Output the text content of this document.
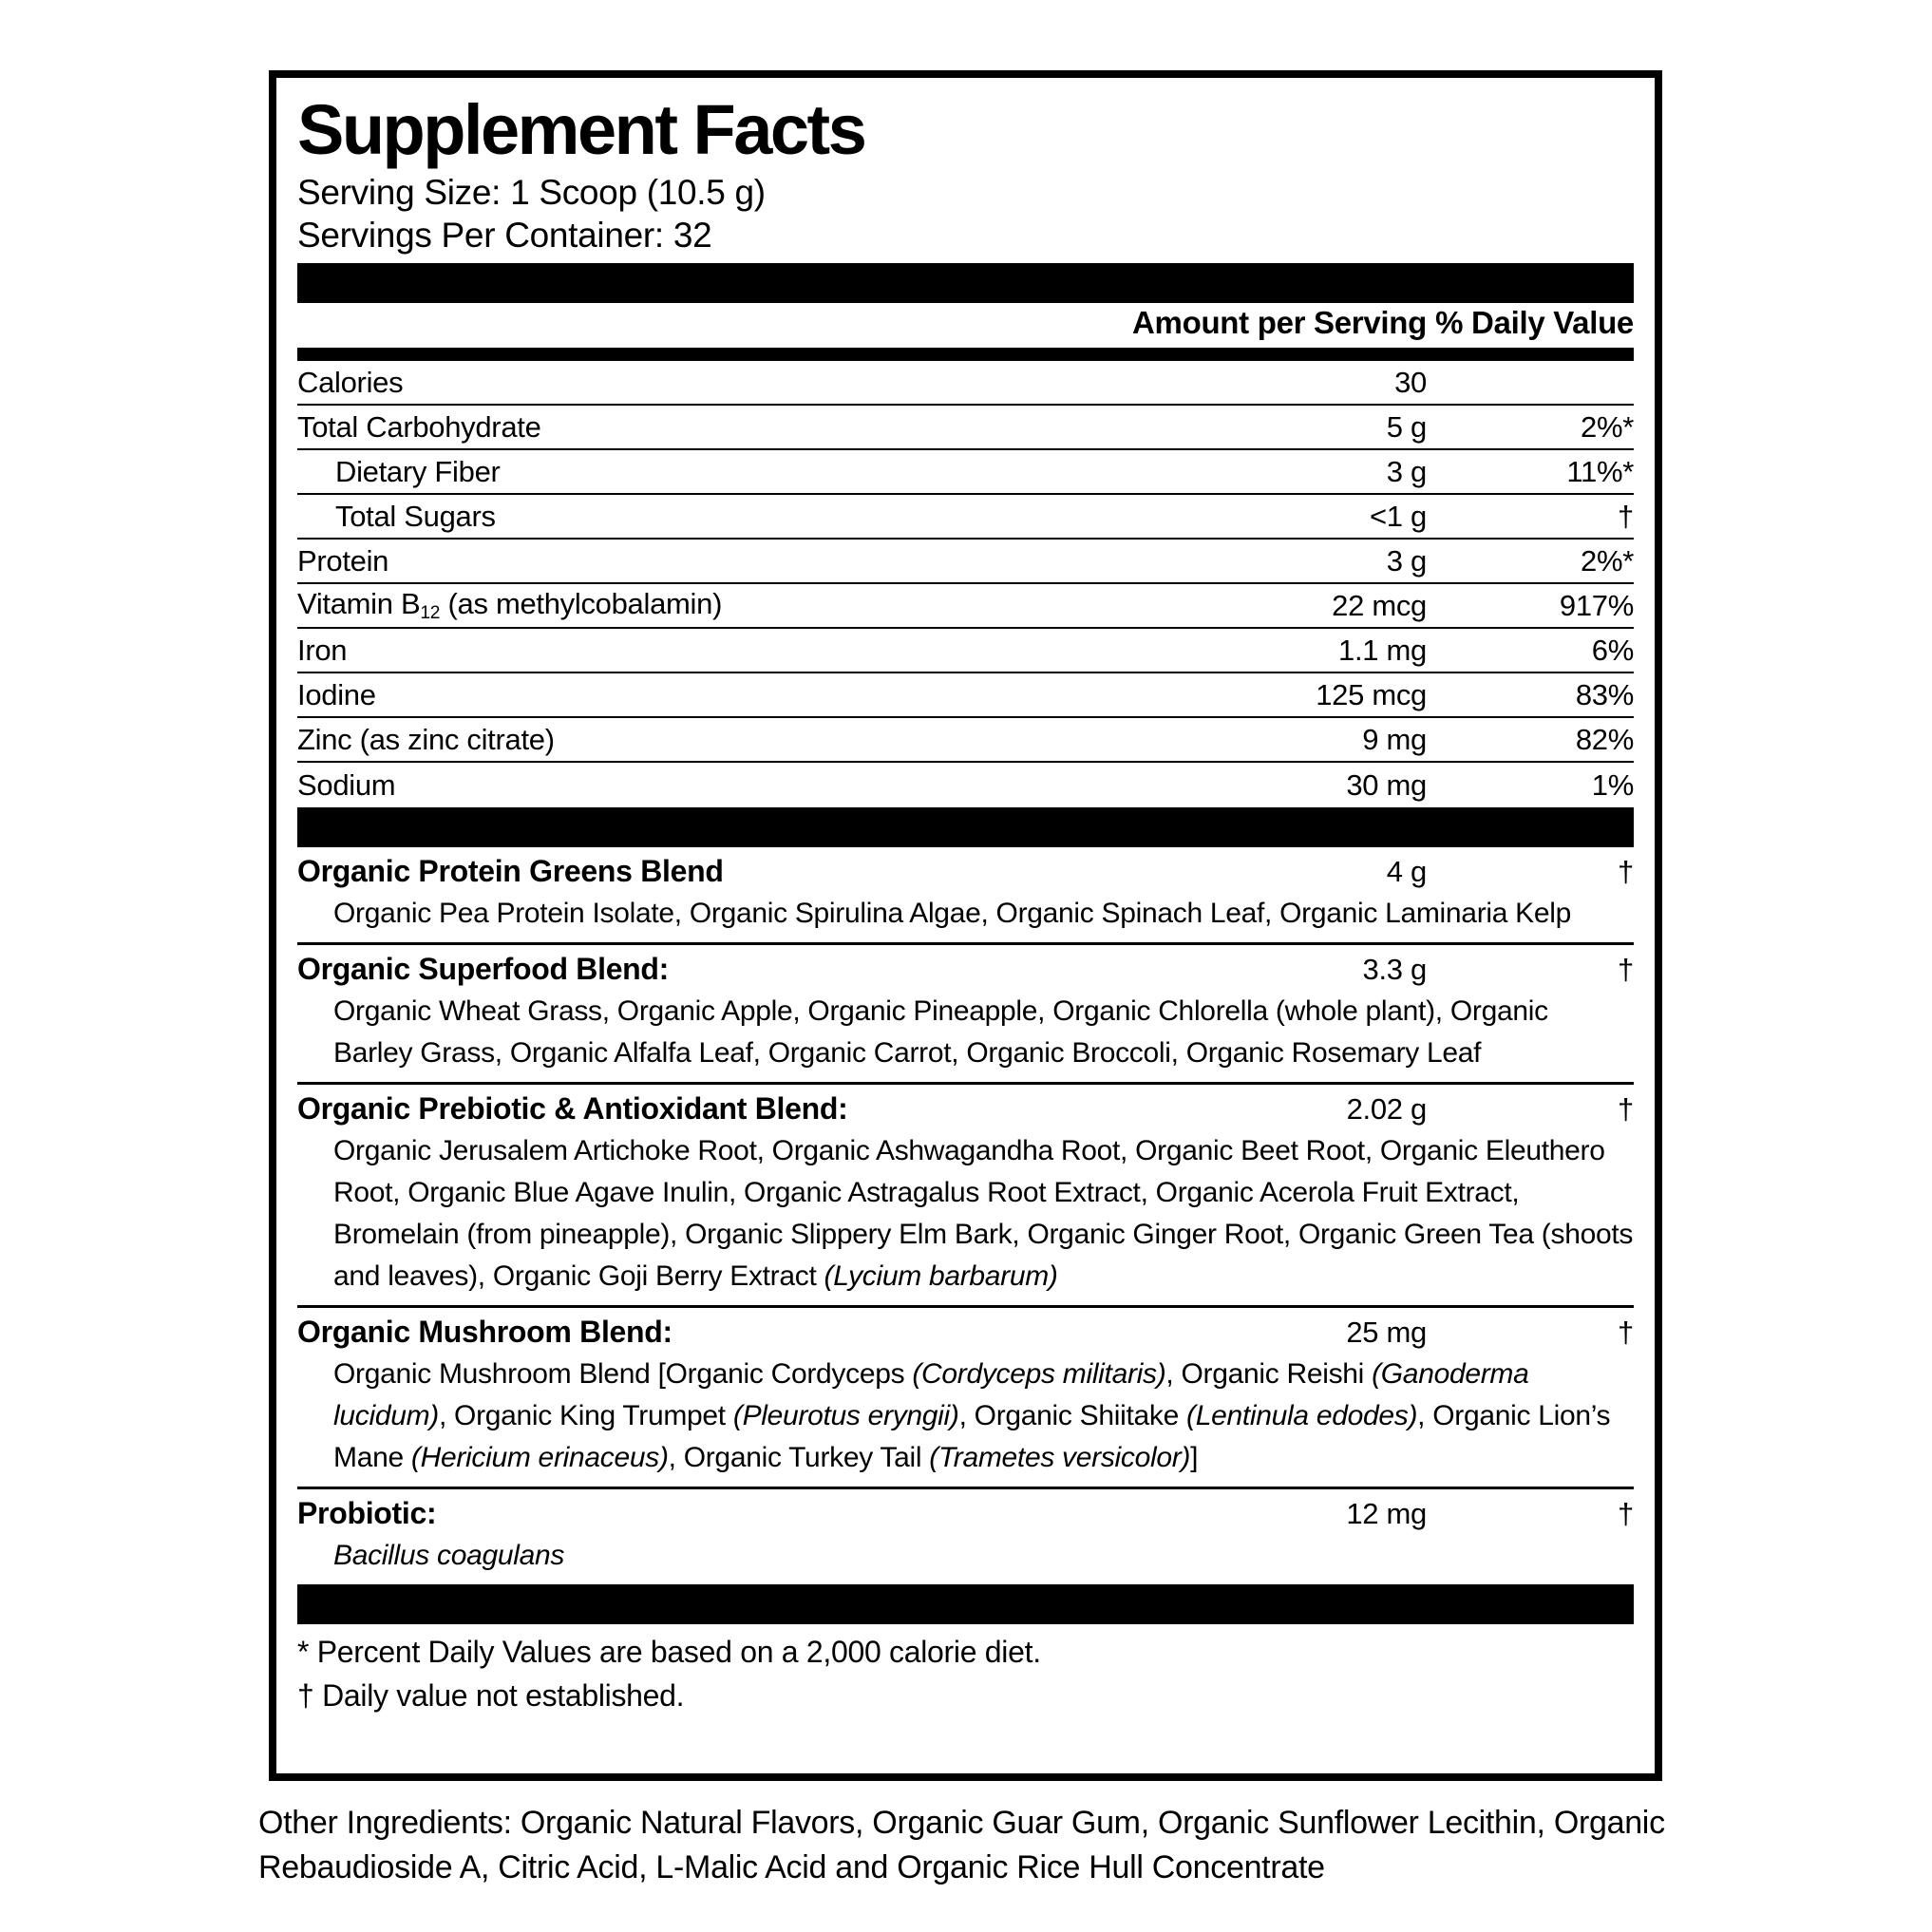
Supplement Facts
Serving Size: 1 Scoop (10.5 g)
Servings Per Container: 32
Amount per Serving % Daily Value
Calories	30
Total Carbohydrate	5 g	2%*
Dietary Fiber	3 g	11%*
Total Sugars	<1 g	†
Protein	3 g	2%*
Vitamin $B_{12}$ (as methylcobalamin)	22 mcg	917%
Iron	1.1 mg	6%
Iodine	125 mcg	83%
Zinc (as zinc citrate)	9 mg	82%
Sodium	30 mg	1%
Organic Protein Greens Blend	4 g	†
Organic Pea Protein Isolate, Organic Spirulina Algae, Organic Spinach Leaf, Organic Laminaria Kelp
Organic Superfood Blend:	3.3 g	†
Organic Wheat Grass, Organic Apple, Organic Pineapple, Organic Chlorella (whole plant), Organic Barley Grass, Organic Alfalfa Leaf, Organic Carrot, Organic Broccoli, Organic Rosemary Leaf
Organic Prebiotic & Antioxidant Blend:	2.02 g	†
Organic Jerusalem Artichoke Root, Organic Ashwagandha Root, Organic Beet Root, Organic Eleuthero Root, Organic Blue Agave Inulin, Organic Astragalus Root Extract, Organic Acerola Fruit Extract, Bromelain (from pineapple), Organic Slippery Elm Bark, Organic Ginger Root, Organic Green Tea (shoots and leaves), Organic Goji Berry Extract (Lycium barbarum)
Organic Mushroom Blend:	25 mg	†
Organic Mushroom Blend [Organic Cordyceps (Cordyceps militaris), Organic Reishi (Ganoderma lucidum), Organic King Trumpet (Pleurotus eryngii), Organic Shiitake (Lentinula edodes), Organic Lion’s Mane (Hericium erinaceus), Organic Turkey Tail (Trametes versicolor)]
Probiotic:	12 mg	†
Bacillus coagulans
* Percent Daily Values are based on a 2,000 calorie diet.
† Daily value not established.
Other Ingredients: Organic Natural Flavors, Organic Guar Gum, Organic Sunflower Lecithin, Organic Rebaudioside A, Citric Acid, L-Malic Acid and Organic Rice Hull Concentrate
